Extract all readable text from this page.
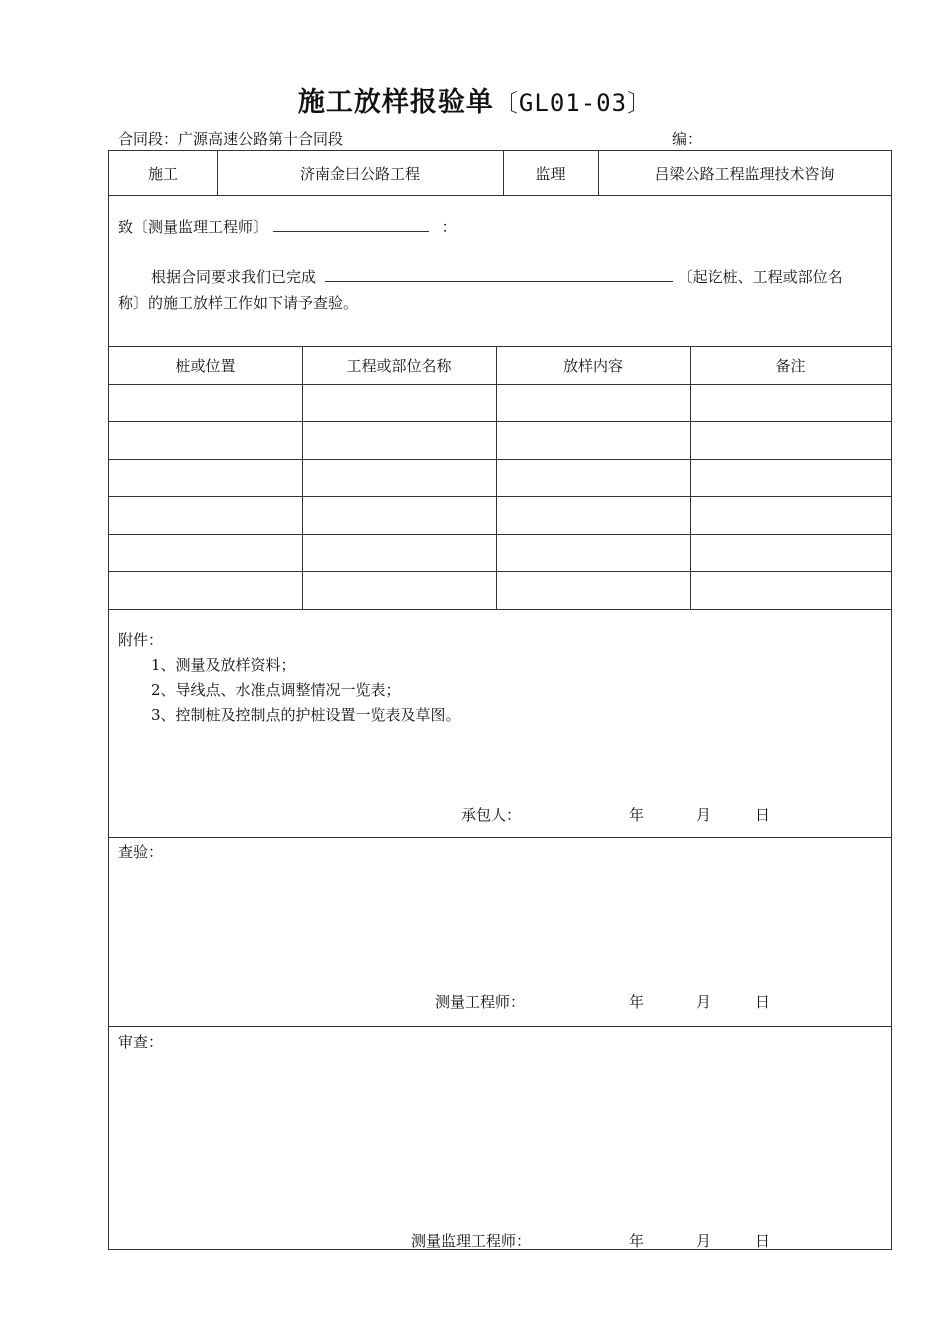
施工放样报验单〔GL01-03〕
合同段：广源高速公路第十合同段	编：
施工	济南金曰公路工程	监理	吕梁公路工程监理技术咨询
致〔测量监理工程师〕	：
根据合同要求我们已完成	〔起讫桩、工程或部位名
称〕的施工放样工作如下请予查验。
桩或位置	工程或部位名称	放样内容	备注
附件：
1、测量及放样资料；
2、导线点、水准点调整情况一览表；
3、控制桩及控制点的护桩设置一览表及草图。
承包人：	年	月	日
查验：
测量工程师：	年	月	日
审查：
测量监理工程师：	年	月	日
